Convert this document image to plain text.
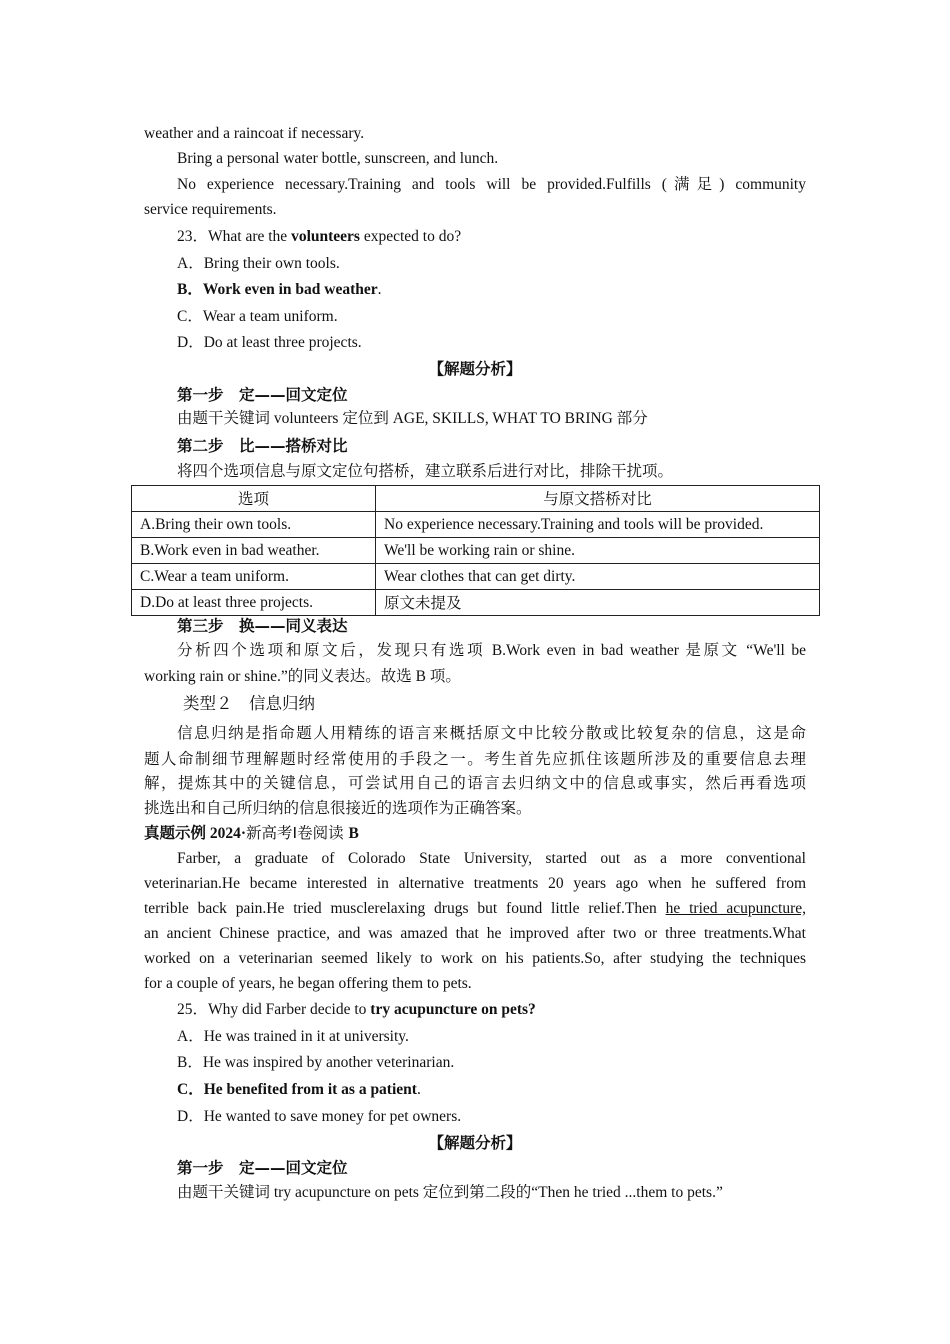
weather and a raincoat if necessary.
Bring a personal water bottle, sunscreen, and lunch.
No experience necessary.Training and tools will be provided.Fulfills (满足) community
service requirements.
23．What are the volunteers expected to do?
A．Bring their own tools.
B．Work even in bad weather.
C．Wear a team uniform.
D．Do at least three projects.
【解题分析】
第一步　定——回文定位
由题干关键词 volunteers 定位到 AGE, SKILLS, WHAT TO BRING 部分
第二步　比——搭桥对比
将四个选项信息与原文定位句搭桥，建立联系后进行对比，排除干扰项。
选项	与原文搭桥对比
A.Bring their own tools.	No experience necessary.Training and tools will be provided.
B.Work even in bad weather.	We'll be working rain or shine.
C.Wear a team uniform.	Wear clothes that can get dirty.
D.Do at least three projects.	原文未提及
第三步　换——同义表达
分析四个选项和原文后，发现只有选项 B.Work even in bad weather 是原文 “We'll be
working rain or shine.”的同义表达。故选 B 项。
类型２　信息归纳
信息归纳是指命题人用精练的语言来概括原文中比较分散或比较复杂的信息，这是命
题人命制细节理解题时经常使用的手段之一。考生首先应抓住该题所涉及的重要信息去理
解，提炼其中的关键信息，可尝试用自己的语言去归纳文中的信息或事实，然后再看选项
挑选出和自己所归纳的信息很接近的选项作为正确答案。
真题示例 2024·新高考Ⅰ卷阅读 B
Farber, a graduate of Colorado State University, started out as a more conventional
veterinarian.He became interested in alternative treatments 20 years ago when he suffered from
terrible back pain.He tried musclerelaxing drugs but found little relief.Then he tried acupuncture,
an ancient Chinese practice, and was amazed that he improved after two or three treatments.What
worked on a veterinarian seemed likely to work on his patients.So, after studying the techniques
for a couple of years, he began offering them to pets.
25．Why did Farber decide to try acupuncture on pets?
A．He was trained in it at university.
B．He was inspired by another veterinarian.
C．He benefited from it as a patient.
D．He wanted to save money for pet owners.
【解题分析】
第一步　定——回文定位
由题干关键词 try acupuncture on pets 定位到第二段的“Then he tried ...them to pets.”
